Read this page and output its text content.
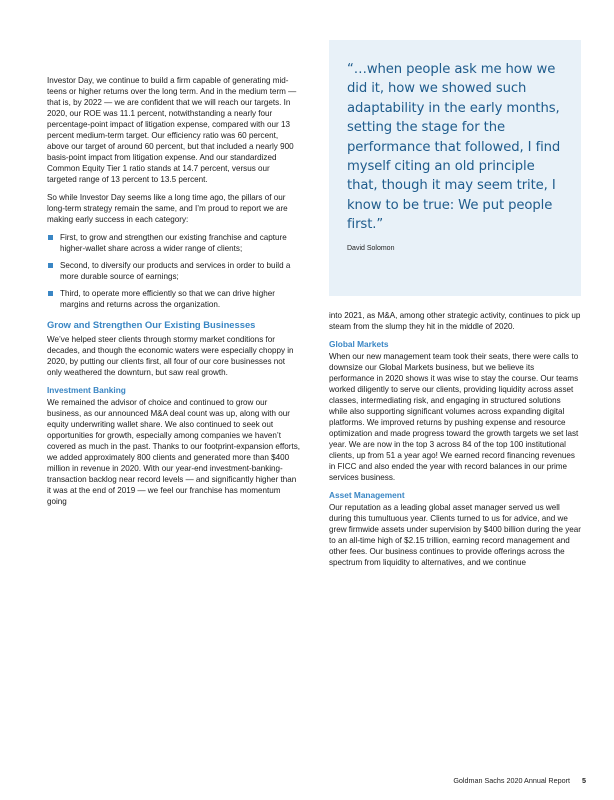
“…when people ask me how we did it, how we showed such adaptability in the early months, setting the stage for the performance that followed, I find myself citing an old principle that, though it may seem trite, I know to be true: We put people first.”

David Solomon

Investor Day, we continue to build a firm capable of generating mid-teens or higher returns over the long term. And in the medium term — that is, by 2022 — we are confident that we will reach our targets. In 2020, our ROE was 11.1 percent, notwithstanding a nearly four percentage-point impact of litigation expense, compared with our 13 percent medium-term target. Our efficiency ratio was 60 percent, above our target of around 60 percent, but that included a nearly 900 basis-point impact from litigation expense. And our standardized Common Equity Tier 1 ratio stands at 14.7 percent, versus our targeted range of 13 percent to 13.5 percent.

So while Investor Day seems like a long time ago, the pillars of our long-term strategy remain the same, and I’m proud to report we are making early success in each category:

First, to grow and strengthen our existing franchise and capture higher-wallet share across a wider range of clients;
Second, to diversify our products and services in order to build a more durable source of earnings;
Third, to operate more efficiently so that we can drive higher margins and returns across the organization.
Grow and Strengthen Our Existing Businesses

We’ve helped steer clients through stormy market conditions for decades, and though the economic waters were especially choppy in 2020, by putting our clients first, all four of our core businesses not only weathered the downturn, but saw real growth.

Investment Banking

We remained the advisor of choice and continued to grow our business, as our announced M&A deal count was up, along with our equity underwriting wallet share. We also continued to seek out opportunities for growth, especially among companies we haven’t covered as much in the past. Thanks to our footprint-expansion efforts, we added approximately 800 clients and generated more than $400 million in revenue in 2020. With our year-end investment-banking-transaction backlog near record levels — and significantly higher than it was at the end of 2019 — we feel our franchise has momentum going

into 2021, as M&A, among other strategic activity, continues to pick up steam from the slump they hit in the middle of 2020.

Global Markets

When our new management team took their seats, there were calls to downsize our Global Markets business, but we believe its performance in 2020 shows it was wise to stay the course. Our teams worked diligently to serve our clients, providing liquidity across asset classes, intermediating risk, and engaging in structured solutions while also supporting significant volumes across expanding digital platforms. We improved returns by pushing expense and resource optimization and made progress toward the growth targets we set last year. We are now in the top 3 across 84 of the top 100 institutional clients, up from 51 a year ago! We earned record financing revenues in FICC and also ended the year with record balances in our prime services business.

Asset Management

Our reputation as a leading global asset manager served us well during this tumultuous year. Clients turned to us for advice, and we grew firmwide assets under supervision by $400 billion during the year to an all-time high of $2.15 trillion, earning record management and other fees. Our business continues to provide offerings across the spectrum from liquidity to alternatives, and we continue

Goldman Sachs 2020 Annual Report 5
